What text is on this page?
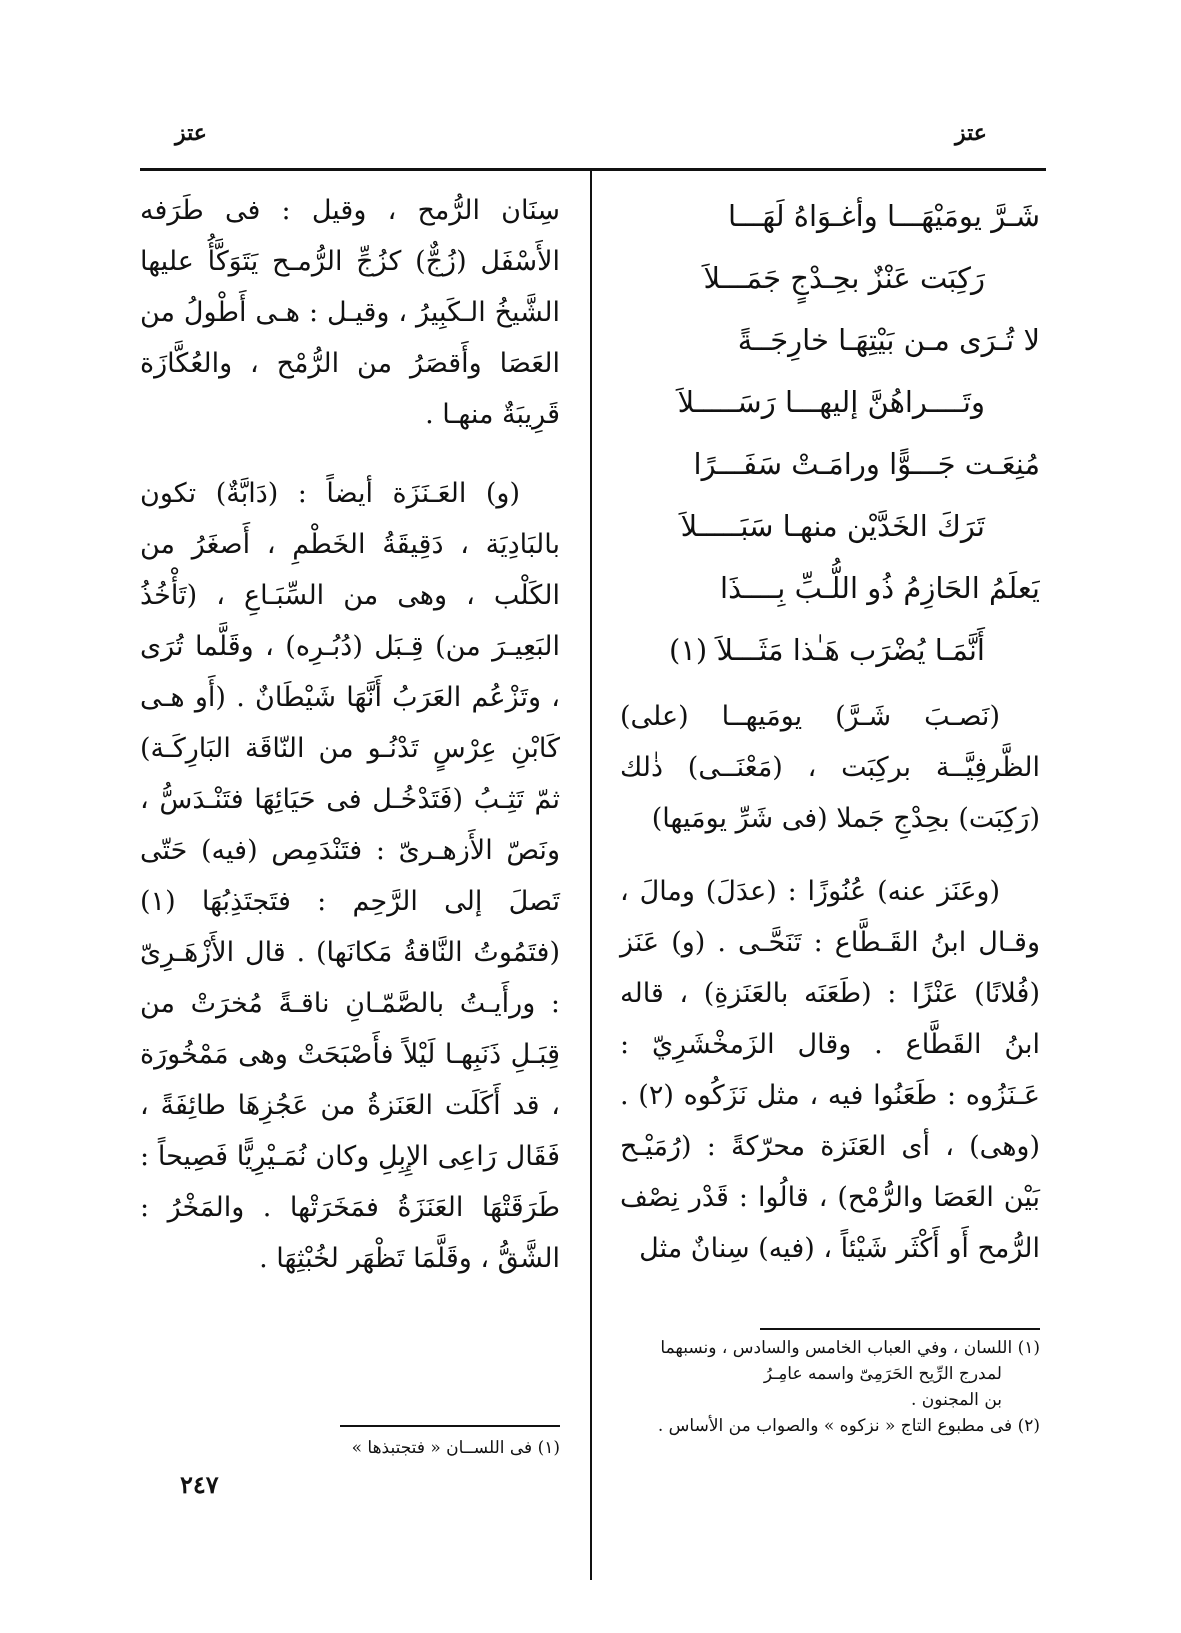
عتز
عتز
شَـرَّ يومَيْهَـــا وأغـوَاهُ لَهَـــا
رَكِبَت عَنْزٌ بحِـدْجٍ جَمَـــلاَ
لا تُـرَى مـن بَيْتِهَـا خارِجَــةً
وتَــــراهُنَّ إليهـــا رَسَـــــلاَ
مُنِعَـت جَـــوًّا ورامَـتْ سَفَـــرًا
تَرَكَ الخَدَّيْن منهـا سَبَـــــلاَ
يَعلَمُ الحَازِمُ ذُو اللُّـبِّ بِــــذَا
أَنَّمَـا يُضْرَب هَـٰذا مَثَـــلاَ (١)

(نَصـبَ شَـرَّ) يومَيهــا (على) الظَّرفِيَّــة بركِبَت ، (مَعْنَــى) ذٰلك (رَكِبَت) بحِدْجِ جَملا (فى شَرِّ يومَيها)

(وعَنَز عنه) عُنُوزًا : (عدَلَ) ومالَ ، وقـال ابنُ القَـطَّاع : تَنَحَّـى . (و) عَنَز (فُلانًا) عَنْزًا : (طَعَنَه بالعَنَزةِ) ، قاله ابنُ القَطَّاع . وقال الزَمخْشَرِيّ : عَـنَزُوه : طَعَنُوا فيه ، مثل نَزَكُوه (٢) . (وهى) ، أى العَنَزة محرّكةً : (رُمَيْـح بَيْن العَصَا والرُّمْح) ، قالُوا : قَدْر نِصْف الرُّمح أَو أَكْثَر شَيْئاً ، (فيه) سِنانٌ مثل

سِنَان الرُّمح ، وقيل : فى طَرَفه الأَسْفَل (زُجٌّ) كزُجِّ الرُّمـح يَتَوَكَّأُ عليها الشَّيخُ الـكَبِيرُ ، وقيـل : هـى أَطْولُ من العَصَا وأَقصَرُ من الرُّمْح ، والعُكَّازَة قَرِيبَةٌ منهـا .

(و) العَـنَزَة أيضاً : (دَابَّةٌ) تكون بالبَادِيَة ، دَقِيقَةُ الخَطْمِ ، أَصغَرُ من الكَلْب ، وهى من السِّبَـاعِ ، (تَأْخُذُ البَعِيـرَ من) قِـبَل (دُبُـرِه) ، وقَلَّما تُرَى ، وتَزْعُم العَرَبُ أَنَّهَا شَيْطَانٌ . (أَو هـى كَابْنِ عِرْسٍ تَدْنُـو من النّاقَة البَارِكَـة) ثمّ تَثِـبُ (فَتَدْخُـل فى حَيَائِهَا فتَنْـدَسُّ ، ونَصّ الأَزهـرىّ : فتَنْدَمِص (فيه) حَتّى تَصلَ إلى الرَّحِم : فتَجتَذِبُهَا (١) (فتَمُوتُ النَّاقةُ مَكانَها) . قال الأَزْهَـرِىّ : ورأَيـتُ بالصَّمّـانِ ناقـةً مُخرَتْ من قِبَـلِ ذَنَبِهـا لَيْلاً فأَصْبَحَتْ وهى مَمْخُورَة ، قد أَكَلَت العَنَزةُ من عَجُزِهَا طائِفَةً ، فَقَال رَاعِى الإِبِلِ وكان نُمَـيْرِيًّا فَصِيحاً : طَرَقَتْهَا العَنَزَةُ فمَخَرَتْها . والمَخْرُ : الشَّقُّ ، وقَلَّمَا تَظْهَر لخُبْثِهَا .

(١) اللسان ، وفي العباب الخامس والسادس ، ونسبهما

لمدرج الرِّيح الحَرَمِىّ واسمه عامِـرُ

بن المجنون .

(٢) فى مطبوع التاج « نزكوه » والصواب من الأساس .

(١) فى اللســان « فتجتبذها »

٢٤٧
